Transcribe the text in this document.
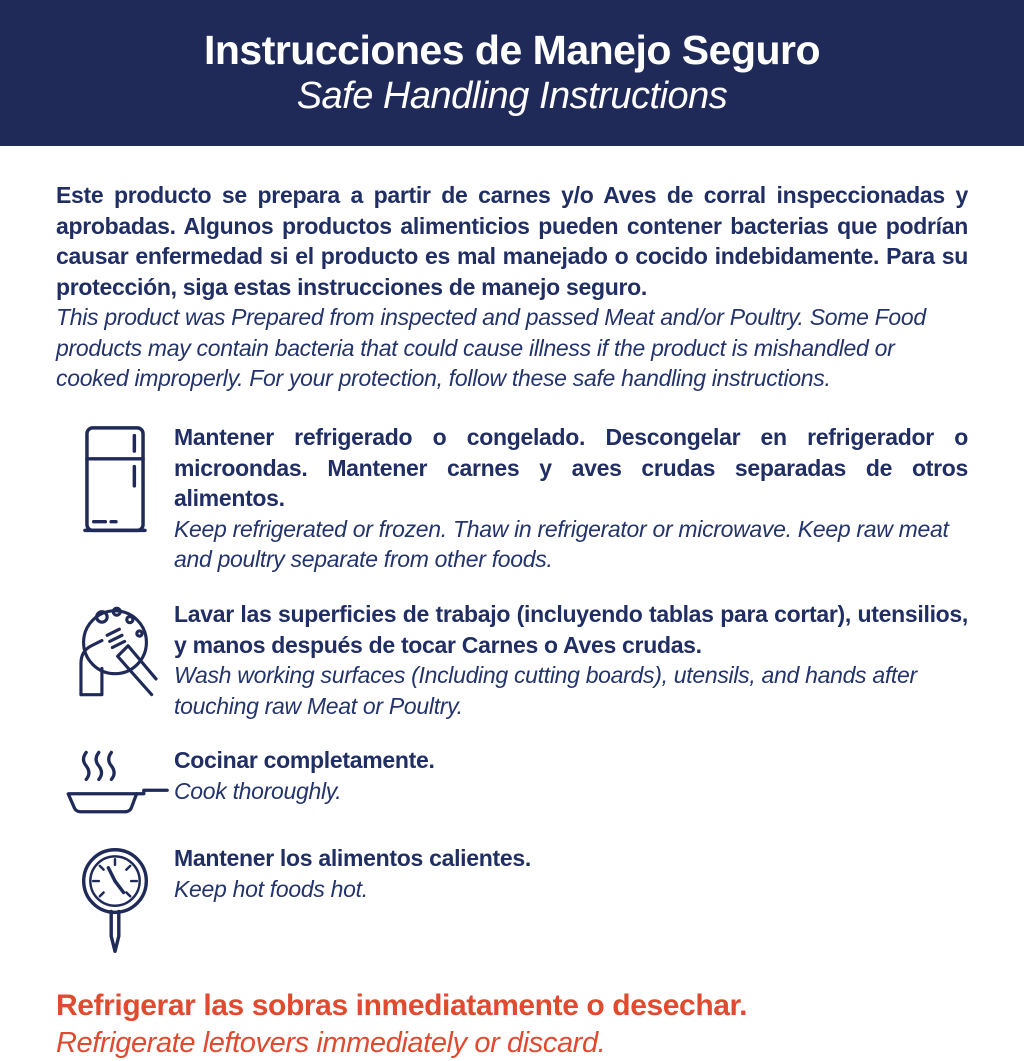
Instrucciones de Manejo Seguro
Safe Handling Instructions

Este producto se prepara a partir de carnes y/o Aves de corral inspeccionadas y aprobadas. Algunos productos alimenticios pueden contener bacterias que podrían causar enfermedad si el producto es mal manejado o cocido indebidamente. Para su protección, siga estas instrucciones de manejo seguro.

This product was Prepared from inspected and passed Meat and/or Poultry. Some Food products may contain bacteria that could cause illness if the product is mishandled or cooked improperly. For your protection, follow these safe handling instructions.

Mantener refrigerado o congelado. Descongelar en refrigerador o microondas. Mantener carnes y aves crudas separadas de otros alimentos.

Keep refrigerated or frozen. Thaw in refrigerator or microwave. Keep raw meat and poultry separate from other foods.

Lavar las superficies de trabajo (incluyendo tablas para cortar), utensilios, y manos después de tocar Carnes o Aves crudas.

Wash working surfaces (Including cutting boards), utensils, and hands after touching raw Meat or Poultry.

Cocinar completamente.

Cook thoroughly.

Mantener los alimentos calientes.

Keep hot foods hot.

Refrigerar las sobras inmediatamente o desechar.

Refrigerate leftovers immediately or discard.
